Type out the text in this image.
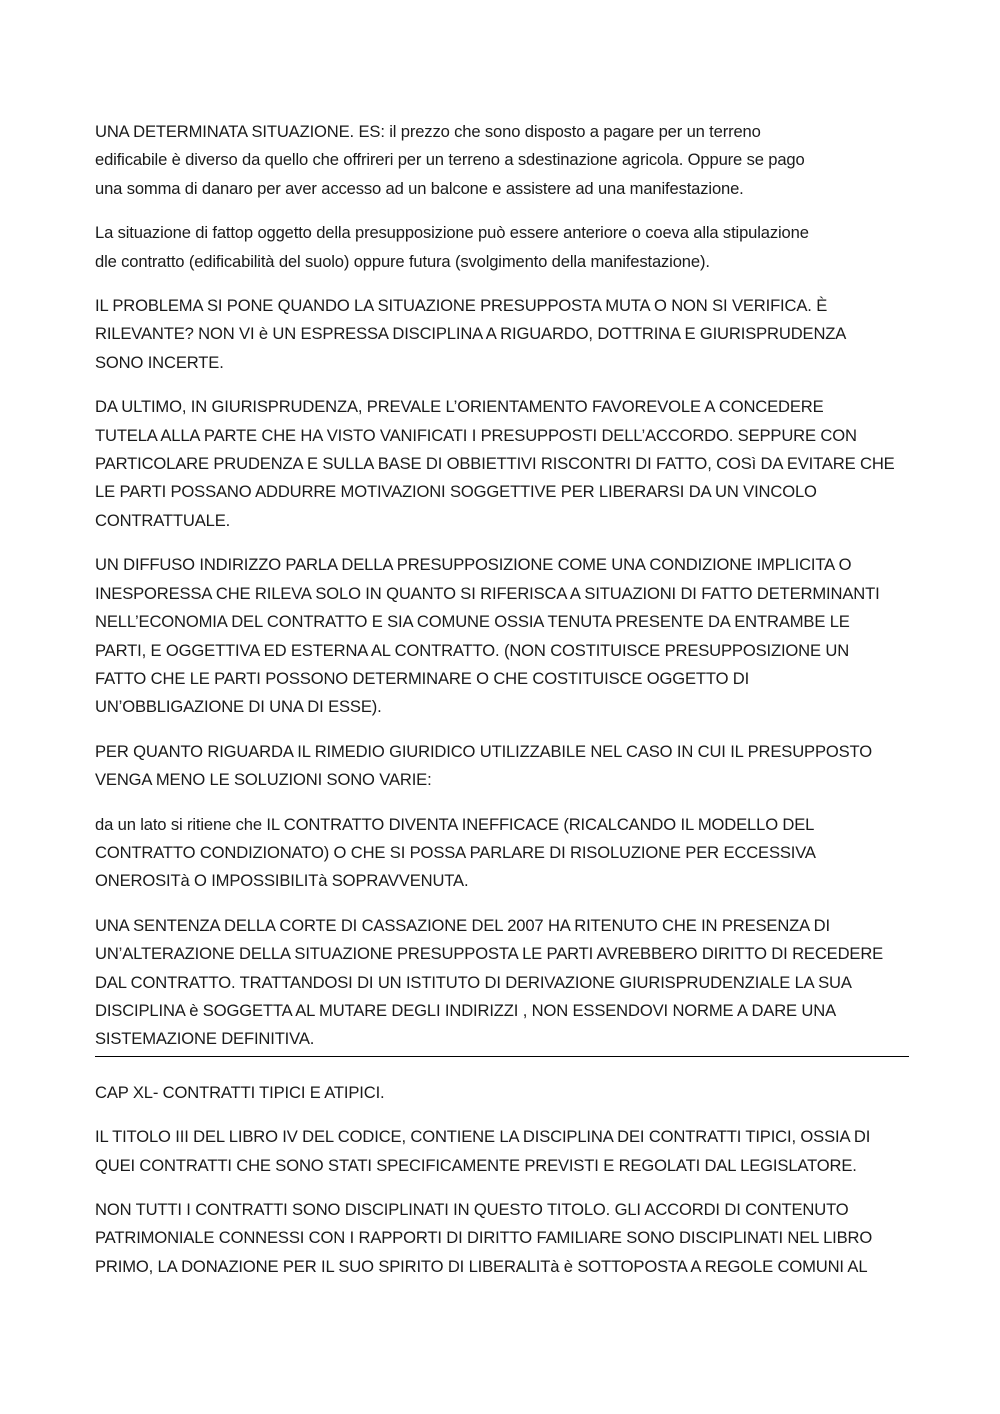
UNA DETERMINATA SITUAZIONE. ES: il prezzo che sono disposto a pagare per un terreno
edificabile è diverso da quello che offrireri per un terreno a sdestinazione agricola. Oppure se pago
una somma di danaro per aver accesso ad un balcone e assistere ad una manifestazione.

La situazione di fattop oggetto della presupposizione può essere anteriore o coeva alla stipulazione
dle contratto (edificabilità del suolo) oppure futura (svolgimento della manifestazione).

IL PROBLEMA SI PONE QUANDO LA SITUAZIONE PRESUPPOSTA MUTA O NON SI VERIFICA. È
RILEVANTE? NON VI è UN ESPRESSA DISCIPLINA A RIGUARDO, DOTTRINA E GIURISPRUDENZA
SONO INCERTE.

DA ULTIMO, IN GIURISPRUDENZA, PREVALE L’ORIENTAMENTO FAVOREVOLE A CONCEDERE
TUTELA ALLA PARTE CHE HA VISTO VANIFICATI I PRESUPPOSTI DELL’ACCORDO. SEPPURE CON
PARTICOLARE PRUDENZA E SULLA BASE DI OBBIETTIVI RISCONTRI DI FATTO, COSì DA EVITARE CHE
LE PARTI POSSANO ADDURRE MOTIVAZIONI SOGGETTIVE PER LIBERARSI DA UN VINCOLO
CONTRATTUALE.

UN DIFFUSO INDIRIZZO PARLA DELLA PRESUPPOSIZIONE COME UNA CONDIZIONE IMPLICITA O
INESPORESSA CHE RILEVA SOLO IN QUANTO SI RIFERISCA A SITUAZIONI DI FATTO DETERMINANTI
NELL’ECONOMIA DEL CONTRATTO E SIA COMUNE OSSIA TENUTA PRESENTE DA ENTRAMBE LE
PARTI, E OGGETTIVA ED ESTERNA AL CONTRATTO. (NON COSTITUISCE PRESUPPOSIZIONE UN
FATTO CHE LE PARTI POSSONO DETERMINARE O CHE COSTITUISCE OGGETTO DI
UN’OBBLIGAZIONE DI UNA DI ESSE).

PER QUANTO RIGUARDA IL RIMEDIO GIURIDICO UTILIZZABILE NEL CASO IN CUI IL PRESUPPOSTO
VENGA MENO LE SOLUZIONI SONO VARIE:

da un lato si ritiene che IL CONTRATTO DIVENTA INEFFICACE (RICALCANDO IL MODELLO DEL
CONTRATTO CONDIZIONATO) O CHE SI POSSA PARLARE DI RISOLUZIONE PER ECCESSIVA
ONEROSITà O IMPOSSIBILITà SOPRAVVENUTA.

UNA SENTENZA DELLA CORTE DI CASSAZIONE DEL 2007 HA RITENUTO CHE IN PRESENZA DI
UN’ALTERAZIONE DELLA SITUAZIONE PRESUPPOSTA LE PARTI AVREBBERO DIRITTO DI RECEDERE
DAL CONTRATTO. TRATTANDOSI DI UN ISTITUTO DI DERIVAZIONE GIURISPRUDENZIALE LA SUA
DISCIPLINA è SOGGETTA AL MUTARE DEGLI INDIRIZZI , NON ESSENDOVI NORME A DARE UNA
SISTEMAZIONE DEFINITIVA.

CAP XL- CONTRATTI TIPICI E ATIPICI.

IL TITOLO III DEL LIBRO IV DEL CODICE, CONTIENE LA DISCIPLINA DEI CONTRATTI TIPICI, OSSIA DI
QUEI CONTRATTI CHE SONO STATI SPECIFICAMENTE PREVISTI E REGOLATI DAL LEGISLATORE.

NON TUTTI I CONTRATTI SONO DISCIPLINATI IN QUESTO TITOLO. GLI ACCORDI DI CONTENUTO
PATRIMONIALE CONNESSI CON I RAPPORTI DI DIRITTO FAMILIARE SONO DISCIPLINATI NEL LIBRO
PRIMO, LA DONAZIONE PER IL SUO SPIRITO DI LIBERALITà è SOTTOPOSTA A REGOLE COMUNI AL
